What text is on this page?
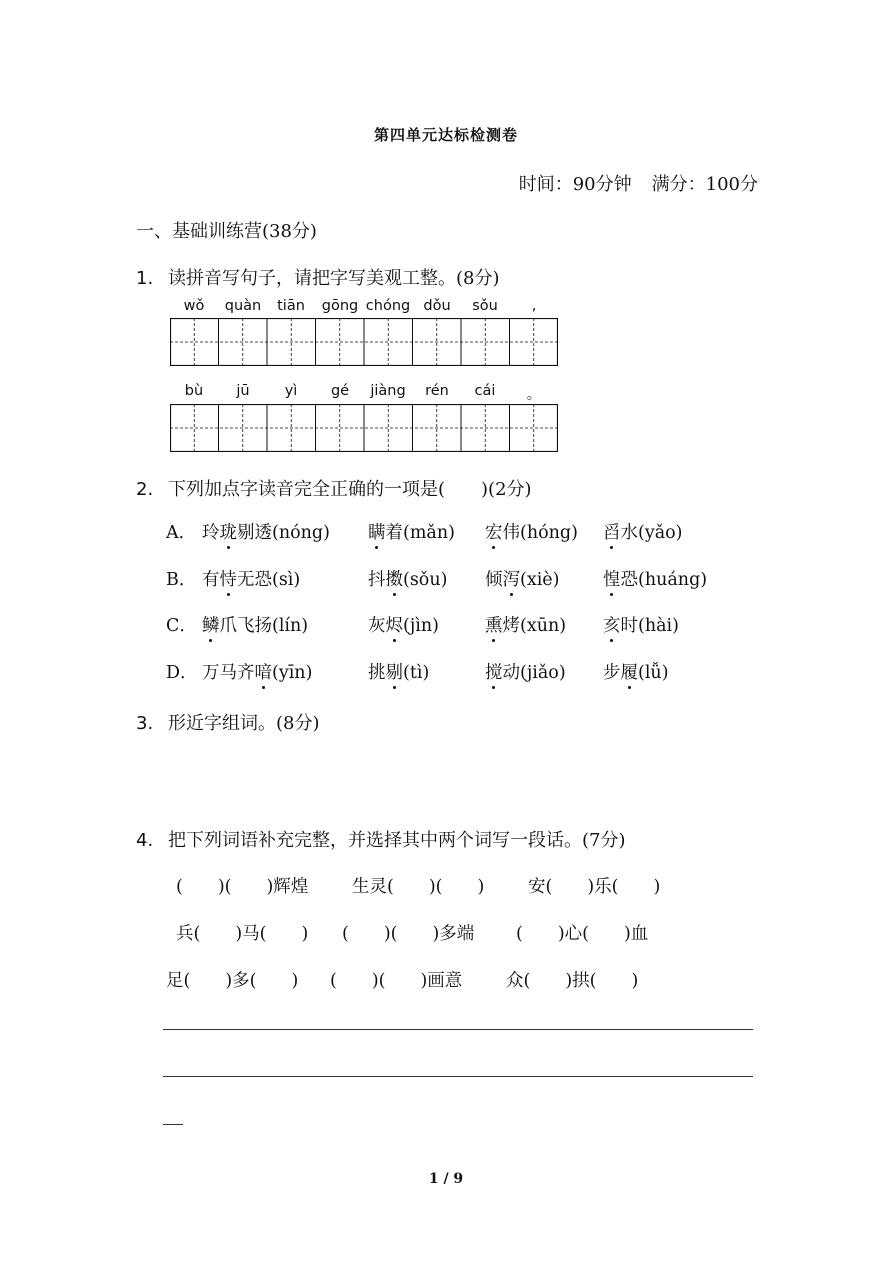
第四单元达标检测卷
时间：90分钟 满分：100分
一、基础训练营(38分)
1. 读拼音写句子，请把字写美观工整。(8分)
wǒ quàn tiān gōng chóng dǒu sǒu ,
bù jū yì gé jiàng rén cái 。
2. 下列加点字读音完全正确的一项是(　　)(2分)
A． 玲珑剔透(nóng) 瞒着(mǎn) 宏伟(hóng) 舀水(yǎo)
B． 有恃无恐(sì)	抖擞(sǒu) 倾泻(xiè) 惶恐(huáng)
C． 鳞爪飞扬(lín)	灰烬(jìn)	熏烤(xūn) 亥时(hài)
D． 万马齐喑(yīn)	挑剔(tì)	搅动(jiǎo) 步履(lǚ)
3. 形近字组词。(8分)
4. 把下列词语补充完整，并选择其中两个词写一段话。(7分)
(　　)(　　)辉煌 生灵(　　)(　　) 安(　　)乐(　　)
兵(　　)马(　　) (　　)(　　)多端 (　　)心(　　)血
足(　　)多(　　) (　　)(　　)画意 众(　　)拱(　　)
1 / 9
